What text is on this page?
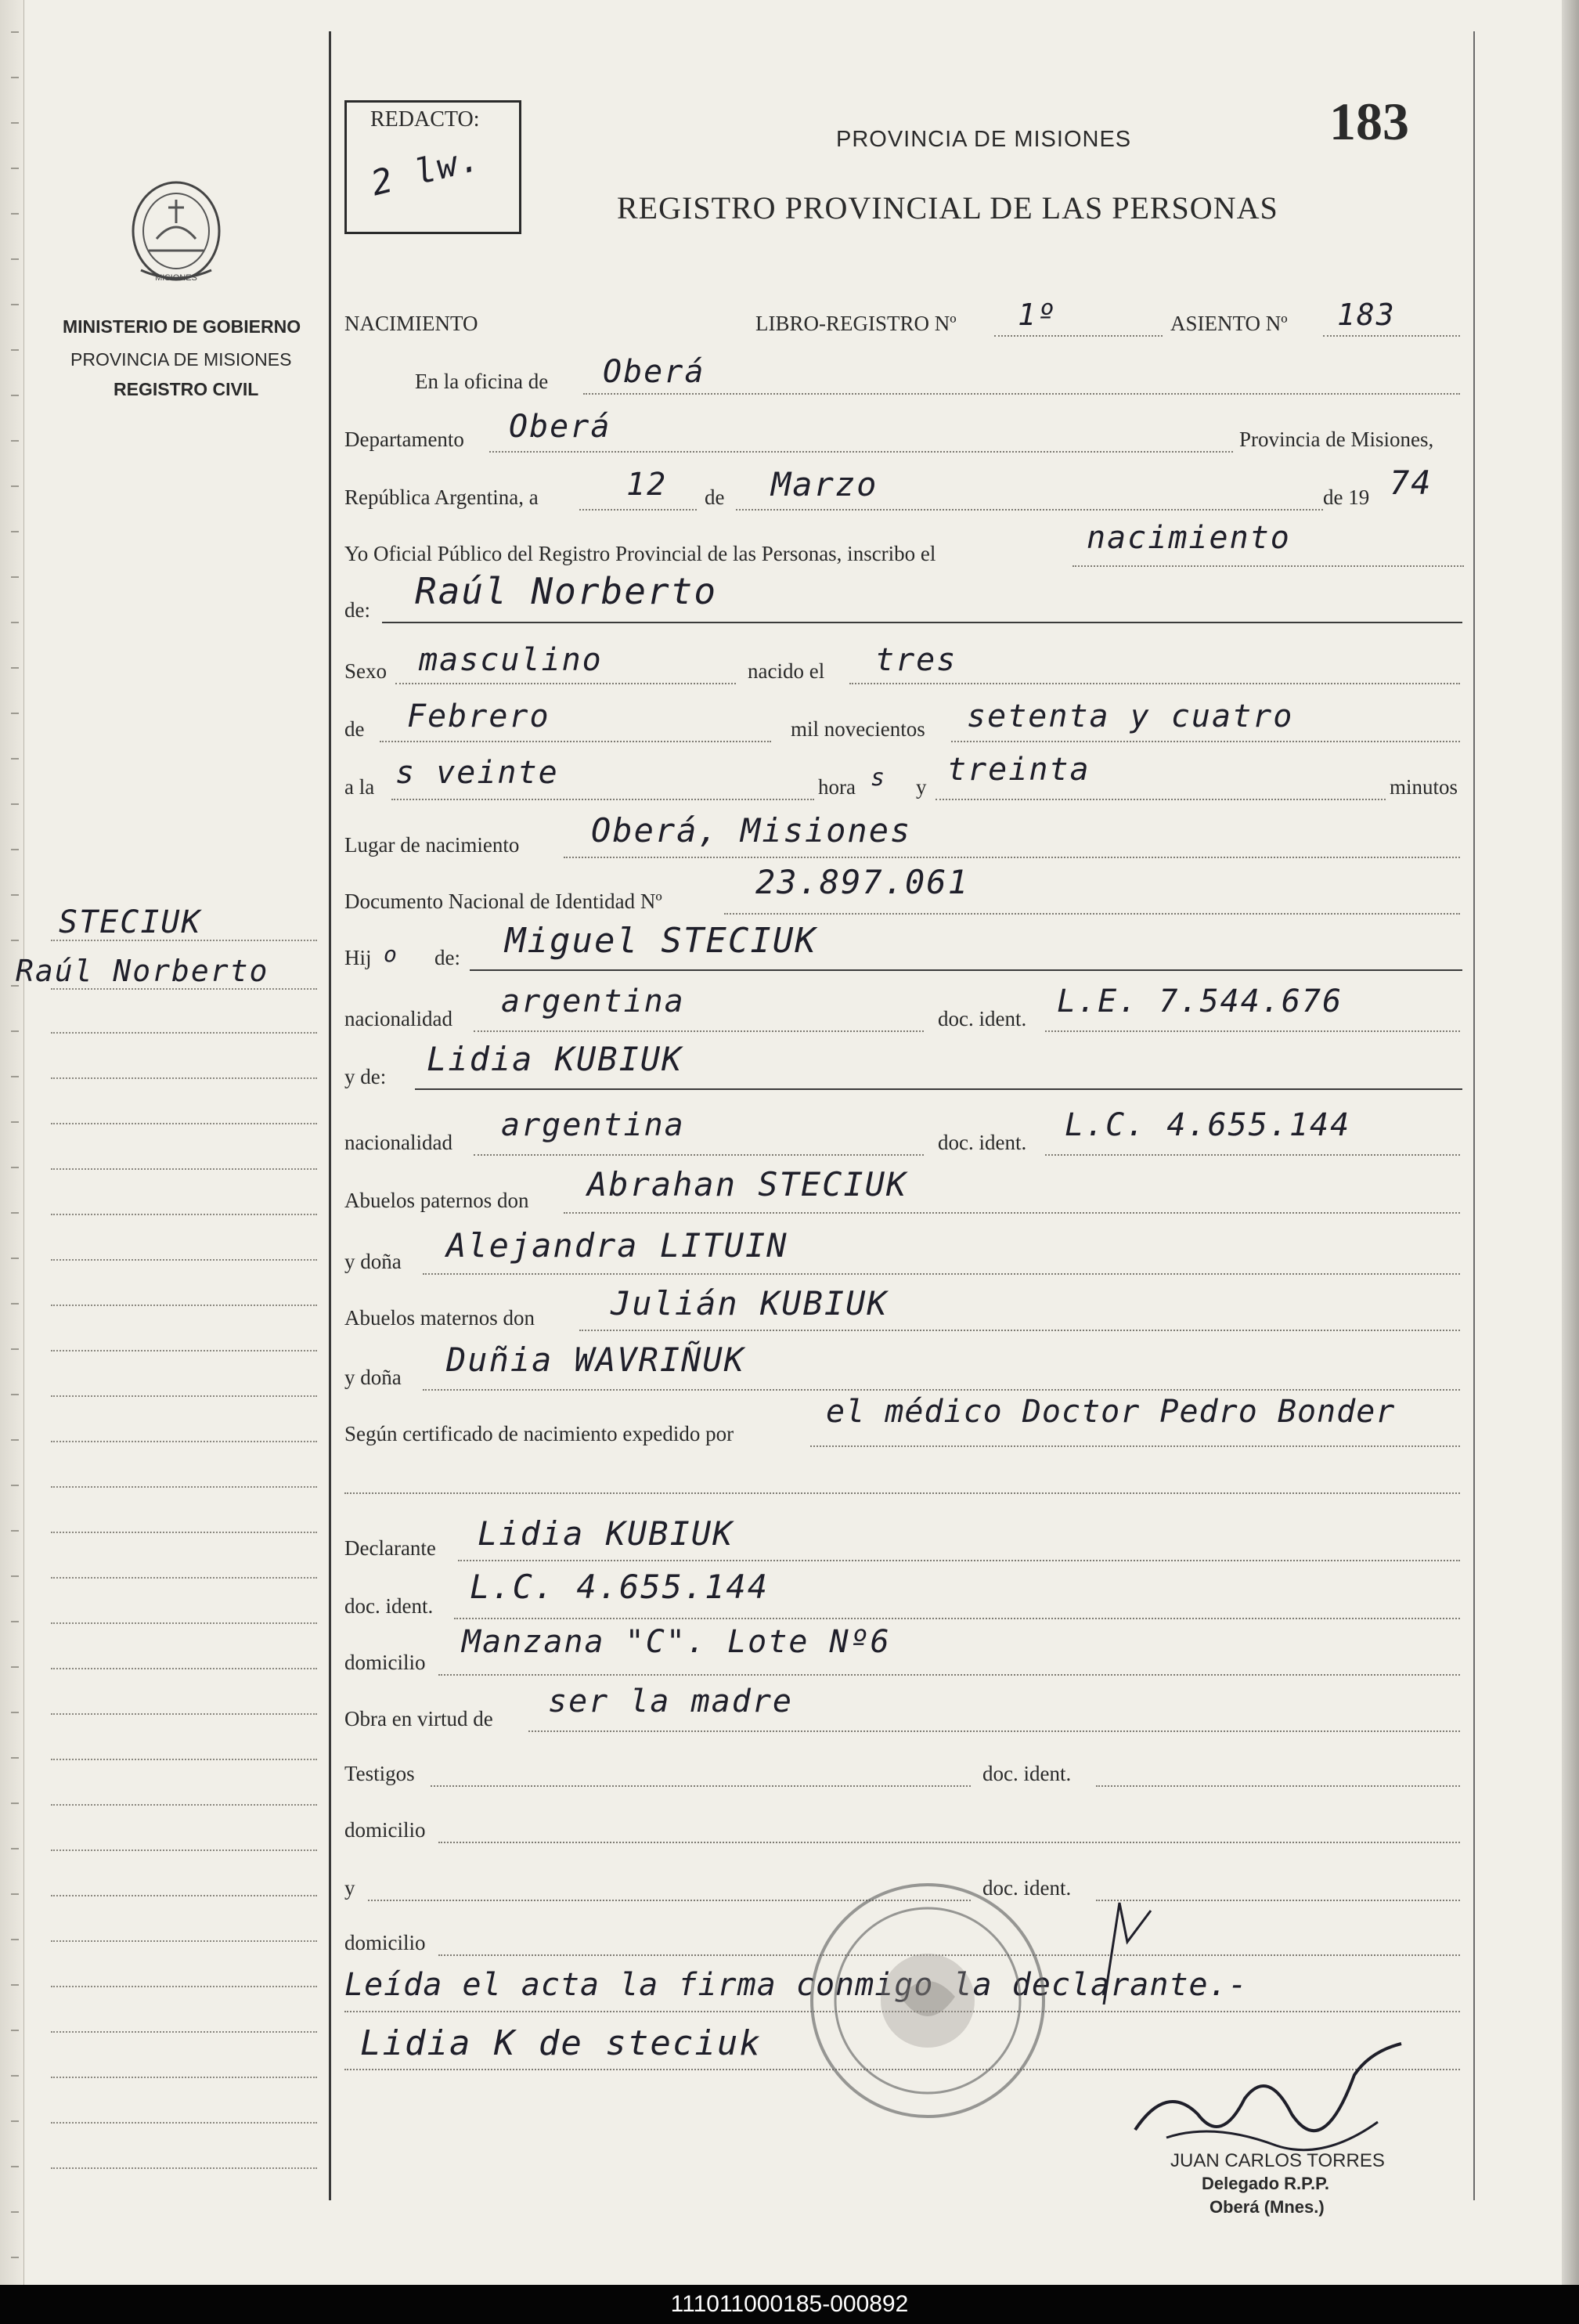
REDACTO:
2 lw.	PROVINCIA DE MISIONES
REGISTRO PROVINCIAL DE LAS PERSONAS
183
MISIONES
MINISTERIO DE GOBIERNO
PROVINCIA DE MISIONES
REGISTRO CIVIL
STECIUK
Raúl Norberto
NACIMIENTO	LIBRO-REGISTRO Nº 1º	ASIENTO Nº 183
En la oficina de Oberá
Departamento Oberá	Provincia de Misiones,
República Argentina, a	12 de Marzo	de 19 74
Yo Oficial Público del Registro Provincial de las Personas, inscribo el	nacimiento
de: Raúl Norberto
Sexo masculino	nacido el tres
de Febrero	mil novecientos setenta y cuatro
a la s veinte	hora s y treinta	minutos
Lugar de nacimiento Oberá, Misiones
Documento Nacional de Identidad Nº	23.897.061
Hij o de: Miguel STECIUK
nacionalidad argentina	doc. ident. L.E. 7.544.676
y de: Lidia KUBIUK
nacionalidad argentina	doc. ident. L.C. 4.655.144
Abuelos paternos don Abrahan STECIUK
y doña Alejandra LITUIN
Abuelos maternos don Julián KUBIUK
y doña Duñia WAVRIÑUK
Según certificado de nacimiento expedido por
el médico Doctor Pedro Bonder
Declarante Lidia KUBIUK
doc. ident. L.C. 4.655.144
domicilio
Manzana "C". Lote Nº6
Obra en virtud de ser la madre
Testigos	doc. ident.
domicilio
y	doc. ident.
domicilio
Leída el acta la firma conmigo la declarante.-
Lidia K de steciuk
JUAN CARLOS TORRES
Delegado R.P.P.
Oberá (Mnes.)
111011000185-000892
